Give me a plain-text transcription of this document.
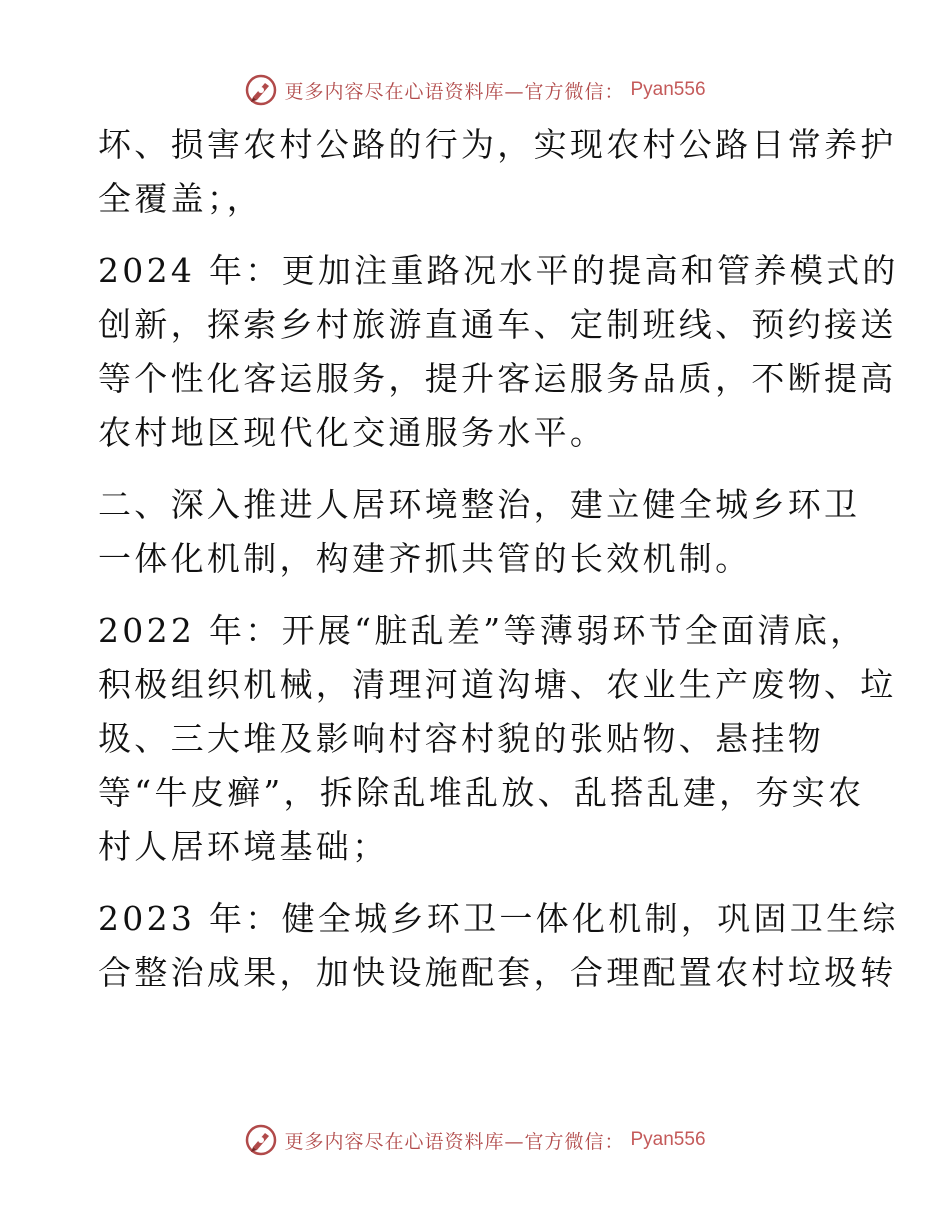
更多内容尽在心语资料库—官方微信： Pyan556

坏、损害农村公路的行为，实现农村公路日常养护
全覆盖；，

2024 年：更加注重路况水平的提高和管养模式的
创新，探索乡村旅游直通车、定制班线、预约接送
等个性化客运服务，提升客运服务品质，不断提高
农村地区现代化交通服务水平。

二、深入推进人居环境整治，建立健全城乡环卫
一体化机制，构建齐抓共管的长效机制。

2022 年：开展“脏乱差”等薄弱环节全面清底，
积极组织机械，清理河道沟塘、农业生产废物、垃
圾、三大堆及影响村容村貌的张贴物、悬挂物
等“牛皮癣”，拆除乱堆乱放、乱搭乱建，夯实农
村人居环境基础；

2023 年：健全城乡环卫一体化机制，巩固卫生综
合整治成果，加快设施配套，合理配置农村垃圾转

更多内容尽在心语资料库—官方微信： Pyan556
